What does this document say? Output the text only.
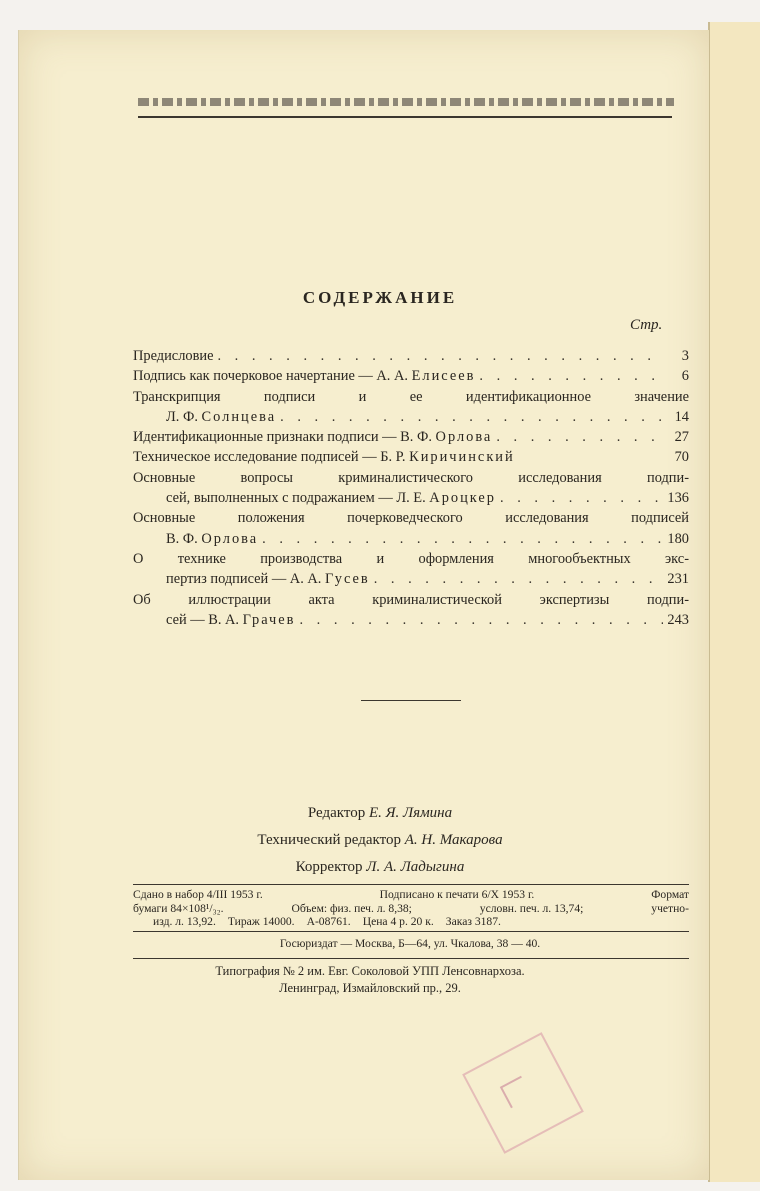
СОДЕРЖАНИЕ
Стр.
Предисловие . . .	3
Подпись как почерковое начертание — А. А.
Елисеев . . .	6
Транскрипция подписи и ее идентификационное значение
Л. Ф.
Солнцева . . .	14
Идентификационные признаки подписи — В. Ф.
Орлова . . .	27
Техническое исследование подписей — Б. Р.
Киричинский	70
Основные вопросы криминалистического исследования подпи-
сей, выполненных с подражанием — Л. Е.
Ароцкер . . .	136
Основные положения почерковедческого исследования подписей
В. Ф.
Орлова . . .	180
О технике производства и оформления многообъектных экс-
пертиз подписей — А. А.
Гусев . . .	231
Об иллюстрации акта криминалистической экспертизы подпи-
сей — В. А.
Грачев . . .	243
Редактор Е. Я. Лямина
Технический редактор А. Н. Макарова
Корректор Л. А. Ладыгина
Сдано в набор 4/III 1953 г.	Подписано к печати 6/Х 1953 г.	Формат
бумаги 84×108¹/₃₂.	Объем: физ. печ. л. 8,38;	условн. печ. л. 13,74;	учетно-
изд. л. 13,92. Тираж 14000. А-08761. Цена 4 р. 20 к. Заказ 3187.
Госюриздат — Москва, Б—64, ул. Чкалова, 38 — 40.
Типография № 2 им. Евг. Соколовой УПП Ленсовнархоза.
Ленинград, Измайловский пр., 29.
